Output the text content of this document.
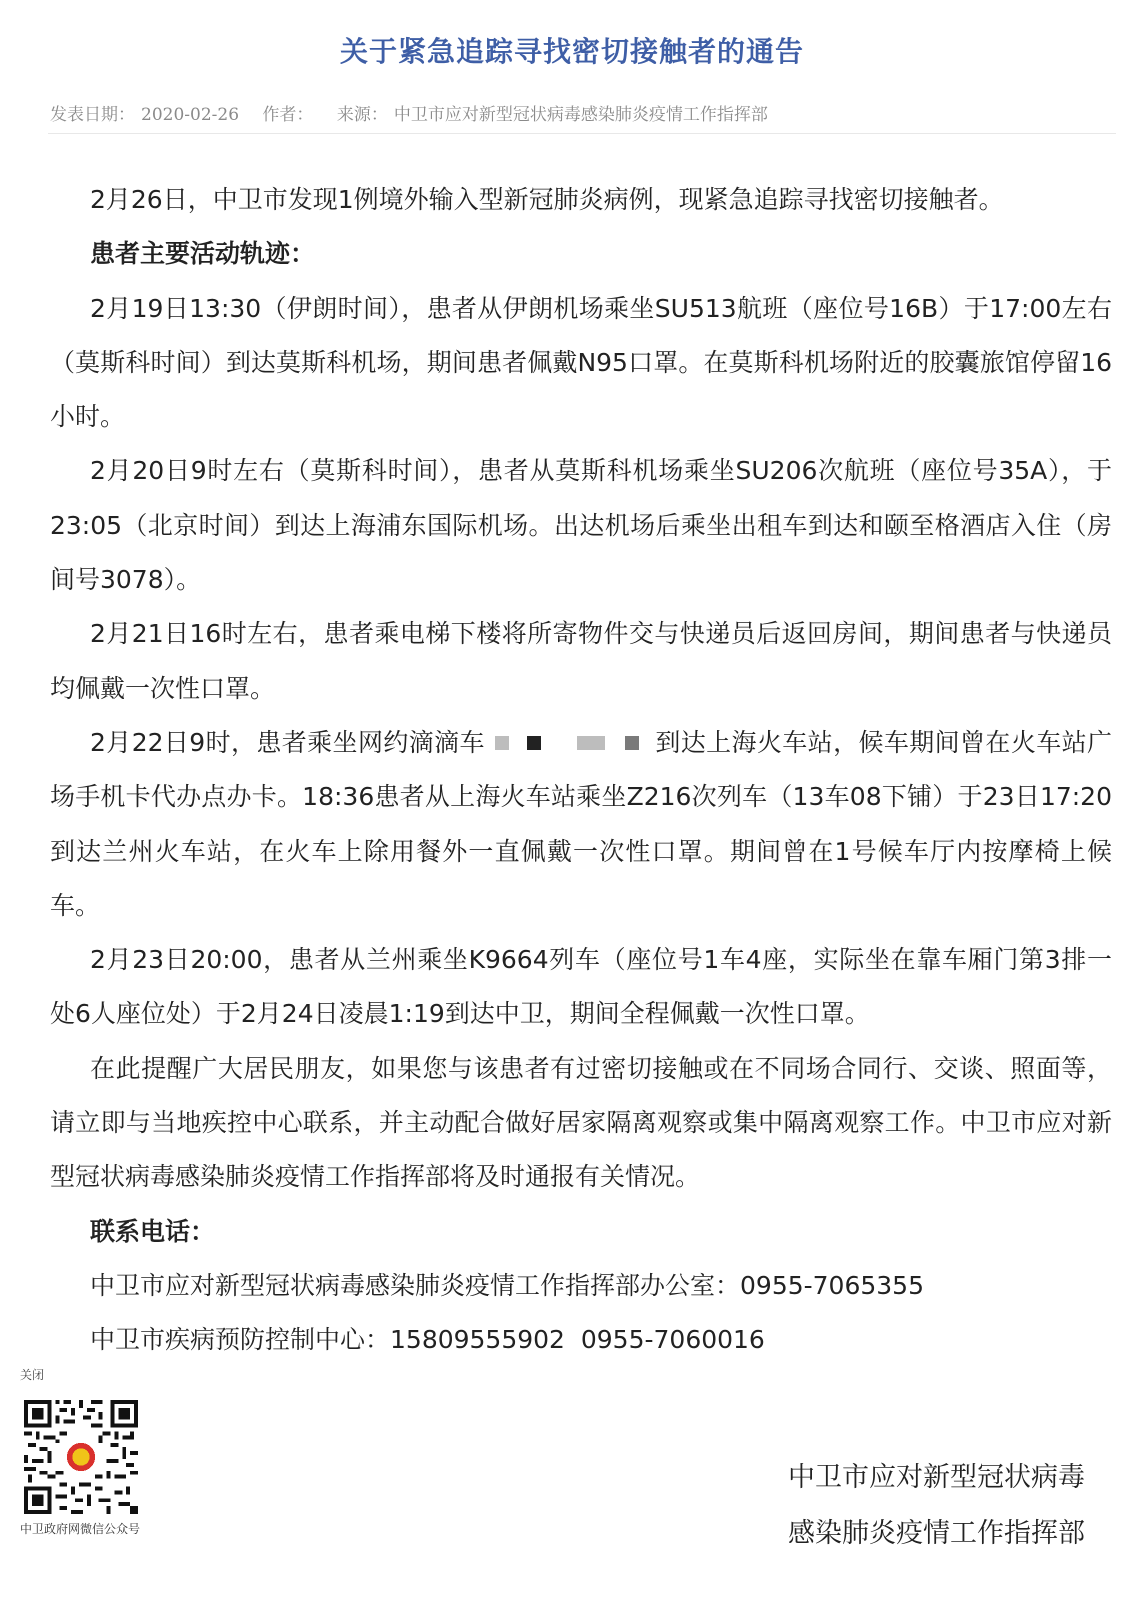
关于紧急追踪寻找密切接触者的通告
发表日期： 2020-02-26 作者： 来源： 中卫市应对新型冠状病毒感染肺炎疫情工作指挥部

2月26日，中卫市发现1例境外输入型新冠肺炎病例，现紧急追踪寻找密切接触者。

患者主要活动轨迹：

2月19日13:30（伊朗时间），患者从伊朗机场乘坐SU513航班（座位号16B）于17:00左右（莫斯科时间）到达莫斯科机场，期间患者佩戴N95口罩。在莫斯科机场附近的胶囊旅馆停留16小时。

2月20日9时左右（莫斯科时间），患者从莫斯科机场乘坐SU206次航班（座位号35A），于23:05（北京时间）到达上海浦东国际机场。出达机场后乘坐出租车到达和颐至格酒店入住（房间号3078）。

2月21日16时左右，患者乘电梯下楼将所寄物件交与快递员后返回房间，期间患者与快递员均佩戴一次性口罩。

2月22日9时，患者乘坐网约滴滴车	到达上海火车站，候车期间曾在火车站广场手机卡代办点办卡。18:36患者从上海火车站乘坐Z216次列车（13车08下铺）于23日17:20到达兰州火车站，在火车上除用餐外一直佩戴一次性口罩。期间曾在1号候车厅内按摩椅上候车。

2月23日20:00，患者从兰州乘坐K9664列车（座位号1车4座，实际坐在靠车厢门第3排一处6人座位处）于2月24日凌晨1:19到达中卫，期间全程佩戴一次性口罩。

在此提醒广大居民朋友，如果您与该患者有过密切接触或在不同场合同行、交谈、照面等，请立即与当地疾控中心联系，并主动配合做好居家隔离观察或集中隔离观察工作。中卫市应对新型冠状病毒感染肺炎疫情工作指挥部将及时通报有关情况。

联系电话：

中卫市应对新型冠状病毒感染肺炎疫情工作指挥部办公室：0955-7065355

中卫市疾病预防控制中心：15809555902  0955-7060016

关闭
中卫政府网微信公众号
中卫市应对新型冠状病毒
感染肺炎疫情工作指挥部
